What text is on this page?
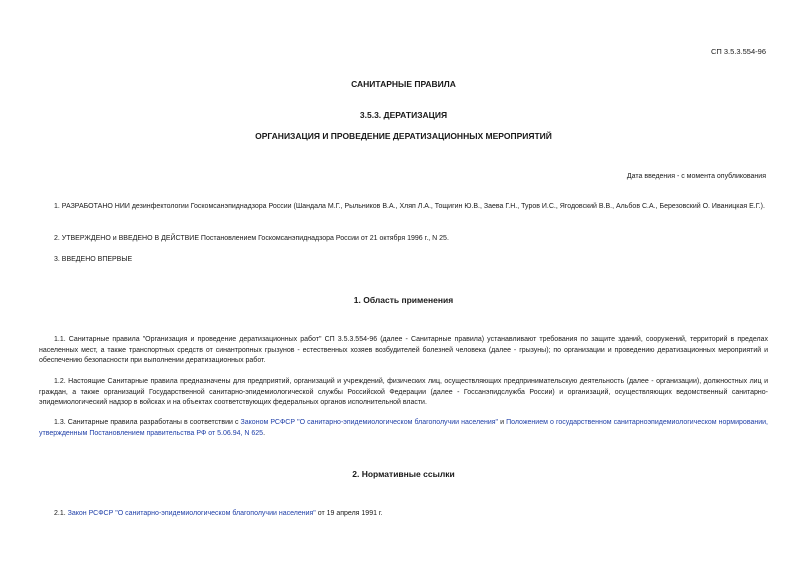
СП 3.5.3.554-96
САНИТАРНЫЕ ПРАВИЛА
3.5.3. ДЕРАТИЗАЦИЯ
ОРГАНИЗАЦИЯ И ПРОВЕДЕНИЕ ДЕРАТИЗАЦИОННЫХ МЕРОПРИЯТИЙ
Дата введения - с момента опубликования

1. РАЗРАБОТАНО НИИ дезинфектологии Госкомсанэпиднадзора России (Шандала М.Г., Рыльников В.А., Хляп Л.А., Тощигин Ю.В., Заева Г.Н., Туров И.С., Ягодовский В.В., Альбов С.А., Березовский О. Иваницкая Е.Г.).

2. УТВЕРЖДЕНО и ВВЕДЕНО В ДЕЙСТВИЕ Постановлением Госкомсанэпиднадзора России от 21 октября 1996 г., N 25.

3. ВВЕДЕНО ВПЕРВЫЕ

1. Область применения

1.1. Санитарные правила "Организация и проведение дератизационных работ" СП 3.5.3.554-96 (далее - Санитарные правила) устанавливают требования по защите зданий, сооружений, территорий в пределах населенных мест, а также транспортных средств от синантропных грызунов - естественных хозяев возбудителей болезней человека (далее - грызуны); по организации и проведению дератизационных мероприятий и обеспечению безопасности при выполнении дератизационных работ.

1.2. Настоящие Санитарные правила предназначены для предприятий, организаций и учреждений, физических лиц, осуществляющих предпринимательскую деятельность (далее - организации), должностных лиц и граждан, а также организаций Государственной санитарно-эпидемиологической службы Российской Федерации (далее - Госсанэпидслужба России) и организаций, осуществляющих ведомственный санитарно-эпидемиологический надзор в войсках и на объектах соответствующих федеральных органов исполнительной власти.

1.3. Санитарные правила разработаны в соответствии с Законом РСФСР "О санитарно-эпидемиологическом благополучии населения" и Положением о государственном санитарноэпидемиологическом нормировании, утвержденным Постановлением правительства РФ от 5.06.94, N 625.

2. Нормативные ссылки

2.1. Закон РСФСР "О санитарно-эпидемиологическом благополучии населения" от 19 апреля 1991 г.
